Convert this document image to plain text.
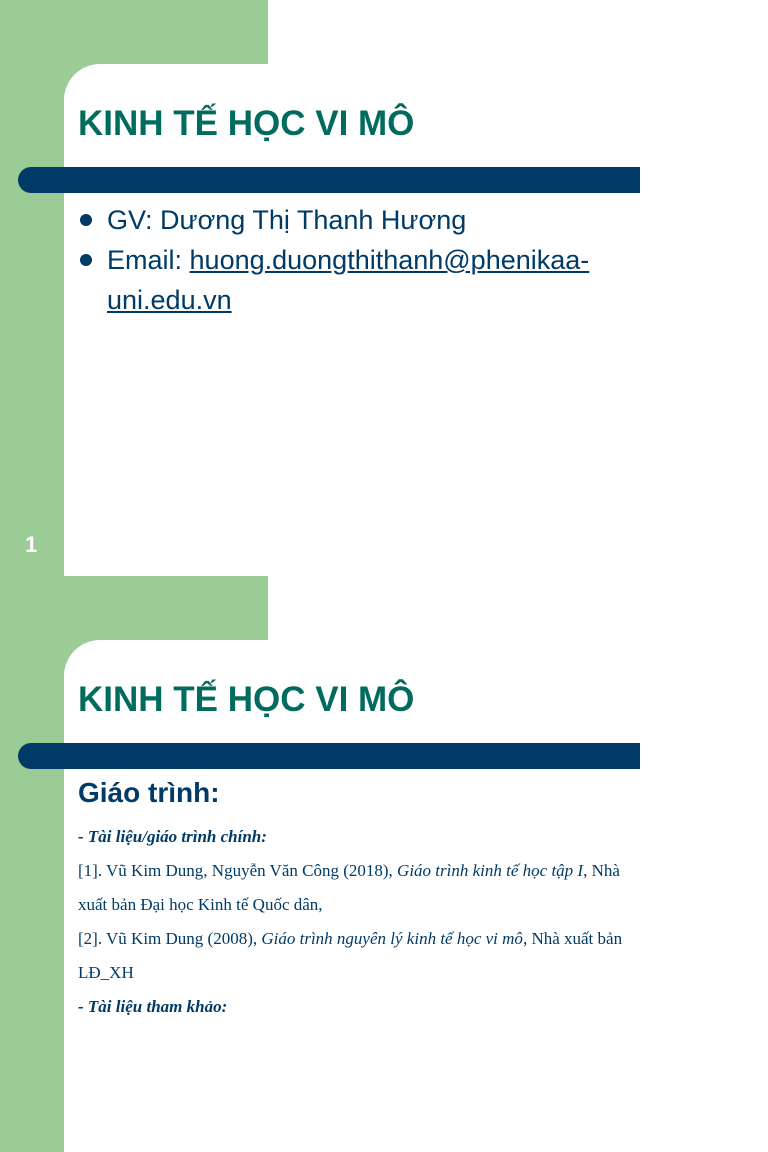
KINH TẾ HỌC VI MÔ
GV: Dương Thị Thanh Hương
Email: huong.duongthithanh@phenikaa-
uni.edu.vn
1
KINH TẾ HỌC VI MÔ
Giáo trình:

- Tài liệu/giáo trình chính:

[1]. Vũ Kim Dung, Nguyễn Văn Công (2018), Giáo trình kinh tế học tập I, Nhà

xuất bản Đại học Kinh tế Quốc dân,

[2]. Vũ Kim Dung (2008), Giáo trình nguyên lý kinh tế học vi mô, Nhà xuất bản

LĐ_XH

- Tài liệu tham khảo:
